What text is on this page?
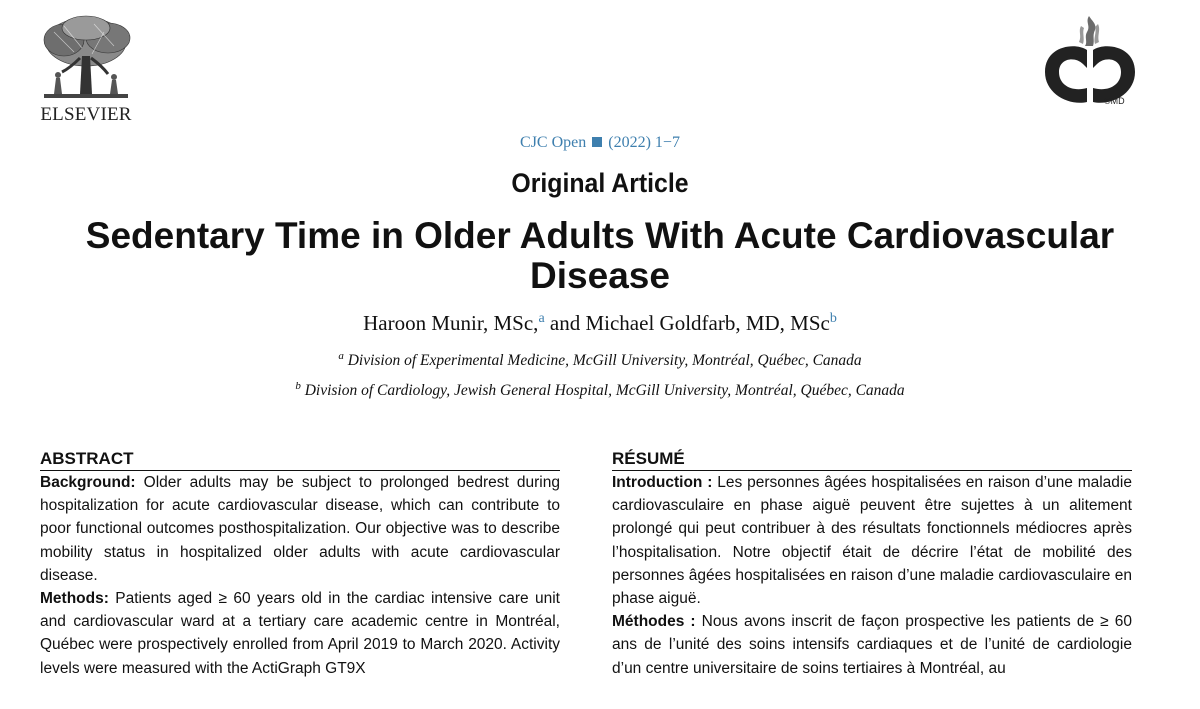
ELSEVIER
®MD
CJC Open (2022) 1−7
Original Article
Sedentary Time in Older Adults With Acute Cardiovascular Disease
Haroon Munir, MSc,$^a$ and Michael Goldfarb, MD, MSc$^b$
$^a$ Division of Experimental Medicine, McGill University, Montréal, Québec, Canada
$^b$ Division of Cardiology, Jewish General Hospital, McGill University, Montréal, Québec, Canada
ABSTRACT

Background: Older adults may be subject to prolonged bedrest during hospitalization for acute cardiovascular disease, which can contribute to poor functional outcomes posthospitalization. Our objective was to describe mobility status in hospitalized older adults with acute cardiovascular disease.

Methods: Patients aged ≥ 60 years old in the cardiac intensive care unit and cardiovascular ward at a tertiary care academic centre in Montréal, Québec were prospectively enrolled from April 2019 to March 2020. Activity levels were measured with the ActiGraph GT9X

RÉSUMÉ

Introduction : Les personnes âgées hospitalisées en raison d’une maladie cardiovasculaire en phase aiguë peuvent être sujettes à un alitement prolongé qui peut contribuer à des résultats fonctionnels médiocres après l’hospitalisation. Notre objectif était de décrire l’état de mobilité des personnes âgées hospitalisées en raison d’une maladie cardiovasculaire en phase aiguë.

Méthodes : Nous avons inscrit de façon prospective les patients de ≥ 60 ans de l’unité des soins intensifs cardiaques et de l’unité de cardiologie d’un centre universitaire de soins tertiaires à Montréal, au
